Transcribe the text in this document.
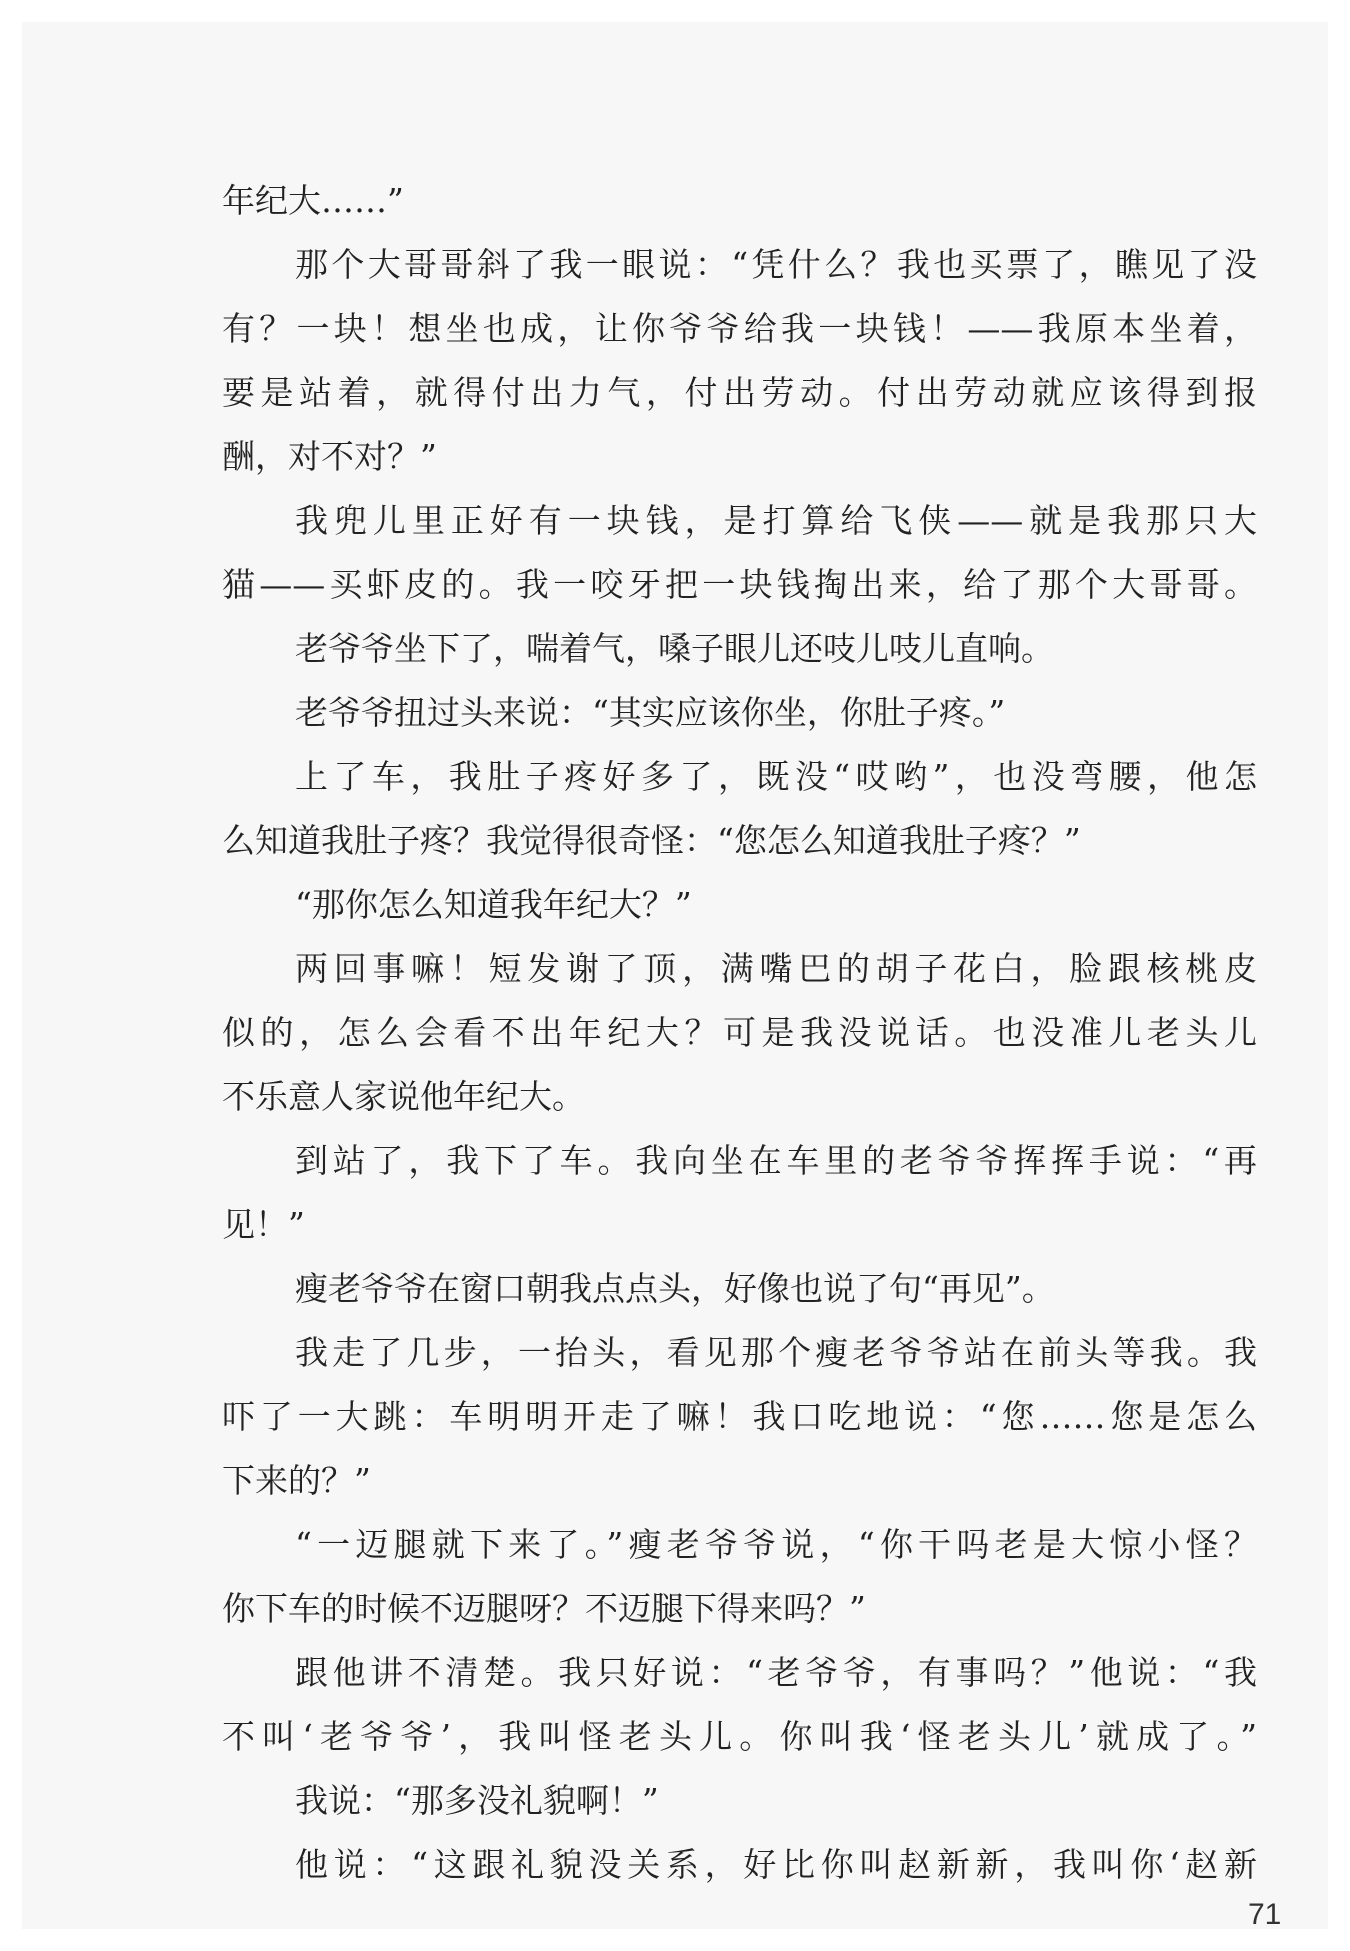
年纪大……”
那个大哥哥斜了我一眼说：“凭什么？我也买票了，瞧见了没
有？一块！想坐也成，让你爷爷给我一块钱！——我原本坐着，
要是站着，就得付出力气，付出劳动。付出劳动就应该得到报
酬，对不对？”
我兜儿里正好有一块钱，是打算给飞侠——就是我那只大
猫——买虾皮的。我一咬牙把一块钱掏出来，给了那个大哥哥。
老爷爷坐下了，喘着气，嗓子眼儿还吱儿吱儿直响。
老爷爷扭过头来说：“其实应该你坐，你肚子疼。”
上了车，我肚子疼好多了，既没“哎哟”，也没弯腰，他怎
么知道我肚子疼？我觉得很奇怪：“您怎么知道我肚子疼？”
“那你怎么知道我年纪大？”
两回事嘛！短发谢了顶，满嘴巴的胡子花白，脸跟核桃皮
似的，怎么会看不出年纪大？可是我没说话。也没准儿老头儿
不乐意人家说他年纪大。
到站了，我下了车。我向坐在车里的老爷爷挥挥手说：“再
见！”
瘦老爷爷在窗口朝我点点头，好像也说了句“再见”。
我走了几步，一抬头，看见那个瘦老爷爷站在前头等我。我
吓了一大跳：车明明开走了嘛！我口吃地说：“您……您是怎么
下来的？”
“一迈腿就下来了。”瘦老爷爷说，“你干吗老是大惊小怪？
你下车的时候不迈腿呀？不迈腿下得来吗？”
跟他讲不清楚。我只好说：“老爷爷，有事吗？”他说：“我
不叫‘老爷爷’，我叫怪老头儿。你叫我‘怪老头儿’就成了。”
我说：“那多没礼貌啊！”
他说：“这跟礼貌没关系，好比你叫赵新新，我叫你‘赵新
71
